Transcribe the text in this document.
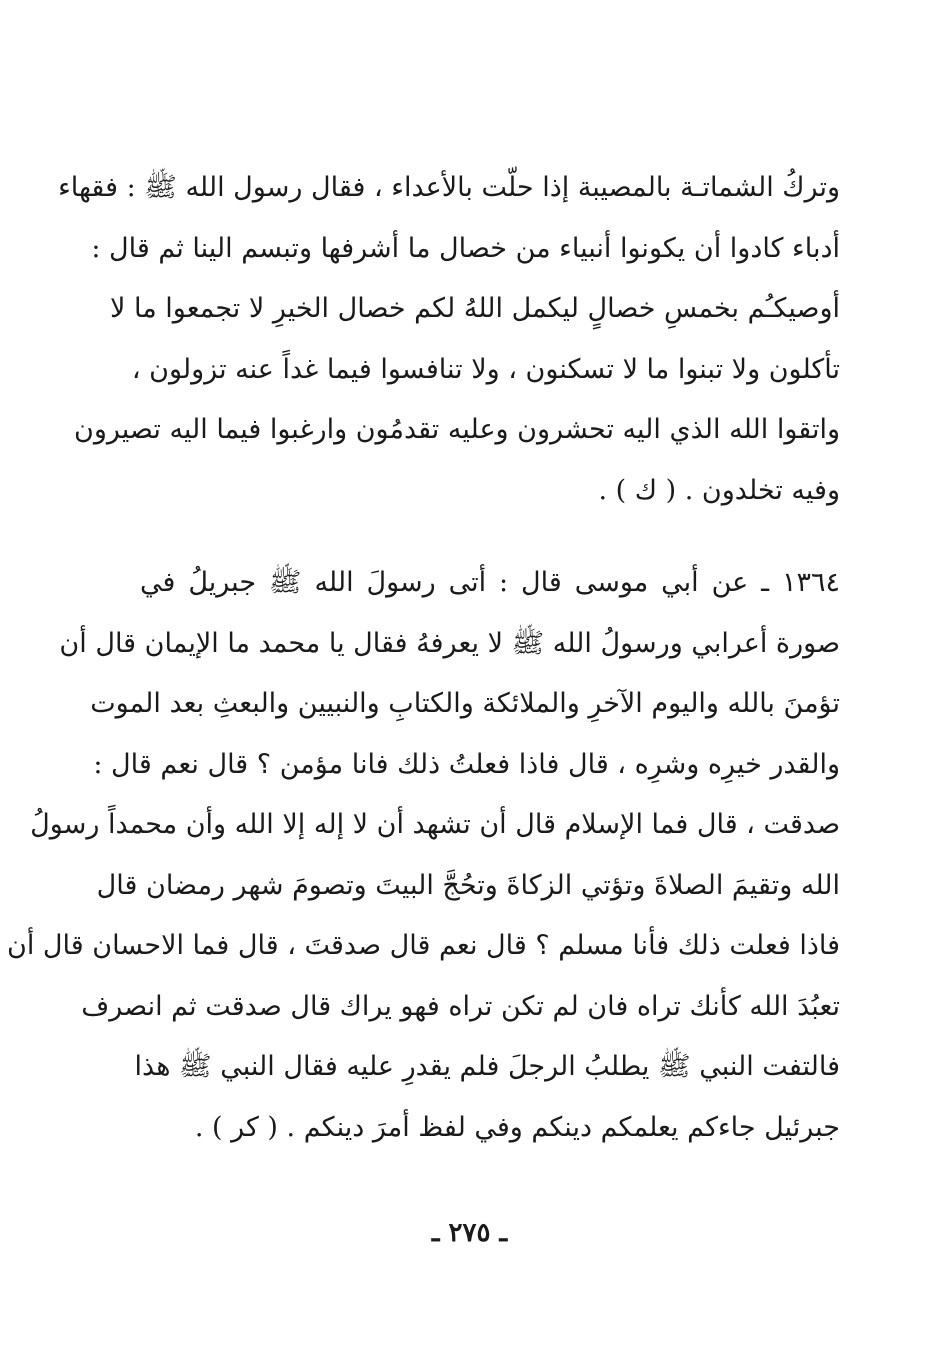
وتركُ الشماتـة بالمصيبة إذا حلّت بالأعداء ، فقال رسول الله ﷺ : فقهاء
أدباء كادوا أن يكونوا أنبياء من خصال ما أشرفها وتبسم الينا ثم قال :
أوصيكـُم بخمسِ خصالٍ ليكمل اللهُ لكم خصال الخيرِ لا تجمعوا ما لا
تأكلون ولا تبنوا ما لا تسكنون ، ولا تنافسوا فيما غداً عنه تزولون ،
واتقوا الله الذي اليه تحشرون وعليه تقدمُون وارغبوا فيما اليه تصيرون
وفيه تخلدون . ( ك ) .
١٣٦٤ ـ عن أبي موسى قال : أتى رسولَ الله ﷺ جبريلُ في
صورة أعرابي ورسولُ الله ﷺ لا يعرفهُ فقال يا محمد ما الإيمان قال أن
تؤمنَ بالله واليوم الآخرِ والملائكة والكتابِ والنبيين والبعثِ بعد الموت
والقدر خيرِه وشرِه ، قال فاذا فعلتُ ذلك فانا مؤمن ؟ قال نعم قال :
صدقت ، قال فما الإسلام قال أن تشهد أن لا إله إلا الله وأن محمداً رسولُ
الله وتقيمَ الصلاةَ وتؤتي الزكاةَ وتحُجَّ البيتَ وتصومَ شهر رمضان قال
فاذا فعلت ذلك فأنا مسلم ؟ قال نعم قال صدقتَ ، قال فما الاحسان قال أن
تعبُدَ الله كأنك تراه فان لم تكن تراه فهو يراك قال صدقت ثم انصرف
فالتفت النبي ﷺ يطلبُ الرجلَ فلم يقدرِ عليه فقال النبي ﷺ هذا
جبرئيل جاءكم يعلمكم دينكم وفي لفظ أمرَ دينكم . ( كر ) .
ـ ٢٧٥ ـ
